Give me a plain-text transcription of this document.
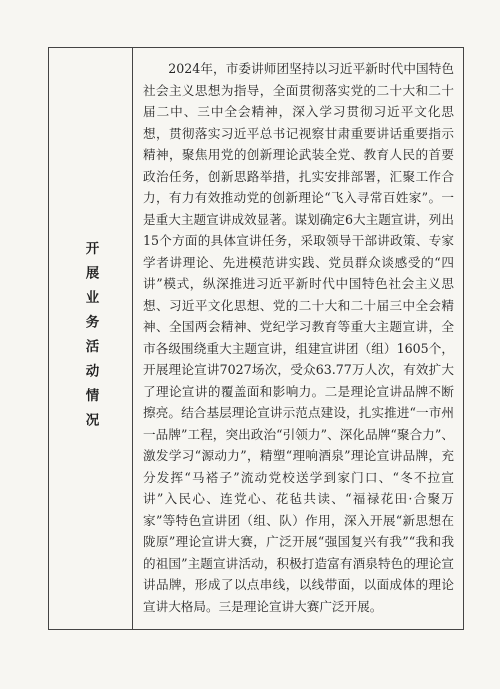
开展业务活动情况

2024年，市委讲师团坚持以习近平新时代中国特色社会主义思想为指导，全面贯彻落实党的二十大和二十届二中、三中全会精神，深入学习贯彻习近平文化思想，贯彻落实习近平总书记视察甘肃重要讲话重要指示精神，聚焦用党的创新理论武装全党、教育人民的首要政治任务，创新思路举措，扎实安排部署，汇聚工作合力，有力有效推动党的创新理论“飞入寻常百姓家”。一是重大主题宣讲成效显著。谋划确定6大主题宣讲，列出15个方面的具体宣讲任务，采取领导干部讲政策、专家学者讲理论、先进模范讲实践、党员群众谈感受的“四讲”模式，纵深推进习近平新时代中国特色社会主义思想、习近平文化思想、党的二十大和二十届三中全会精神、全国两会精神、党纪学习教育等重大主题宣讲，全市各级围绕重大主题宣讲，组建宣讲团（组）1605个，开展理论宣讲7027场次，受众63.77万人次，有效扩大了理论宣讲的覆盖面和影响力。二是理论宣讲品牌不断擦亮。结合基层理论宣讲示范点建设，扎实推进“一市州一品牌”工程，突出政治“引领力”、深化品牌“聚合力”、激发学习“源动力”，精塑“理响酒泉”理论宣讲品牌，充分发挥“马褡子”流动党校送学到家门口、“冬不拉宣讲”入民心、连党心、花毡共读、“福禄花田·合聚万家”等特色宣讲团（组、队）作用，深入开展“新思想在陇原”理论宣讲大赛，广泛开展“强国复兴有我”“我和我的祖国”主题宣讲活动，积极打造富有酒泉特色的理论宣讲品牌，形成了以点串线，以线带面，以面成体的理论宣讲大格局。三是理论宣讲大赛广泛开展。
